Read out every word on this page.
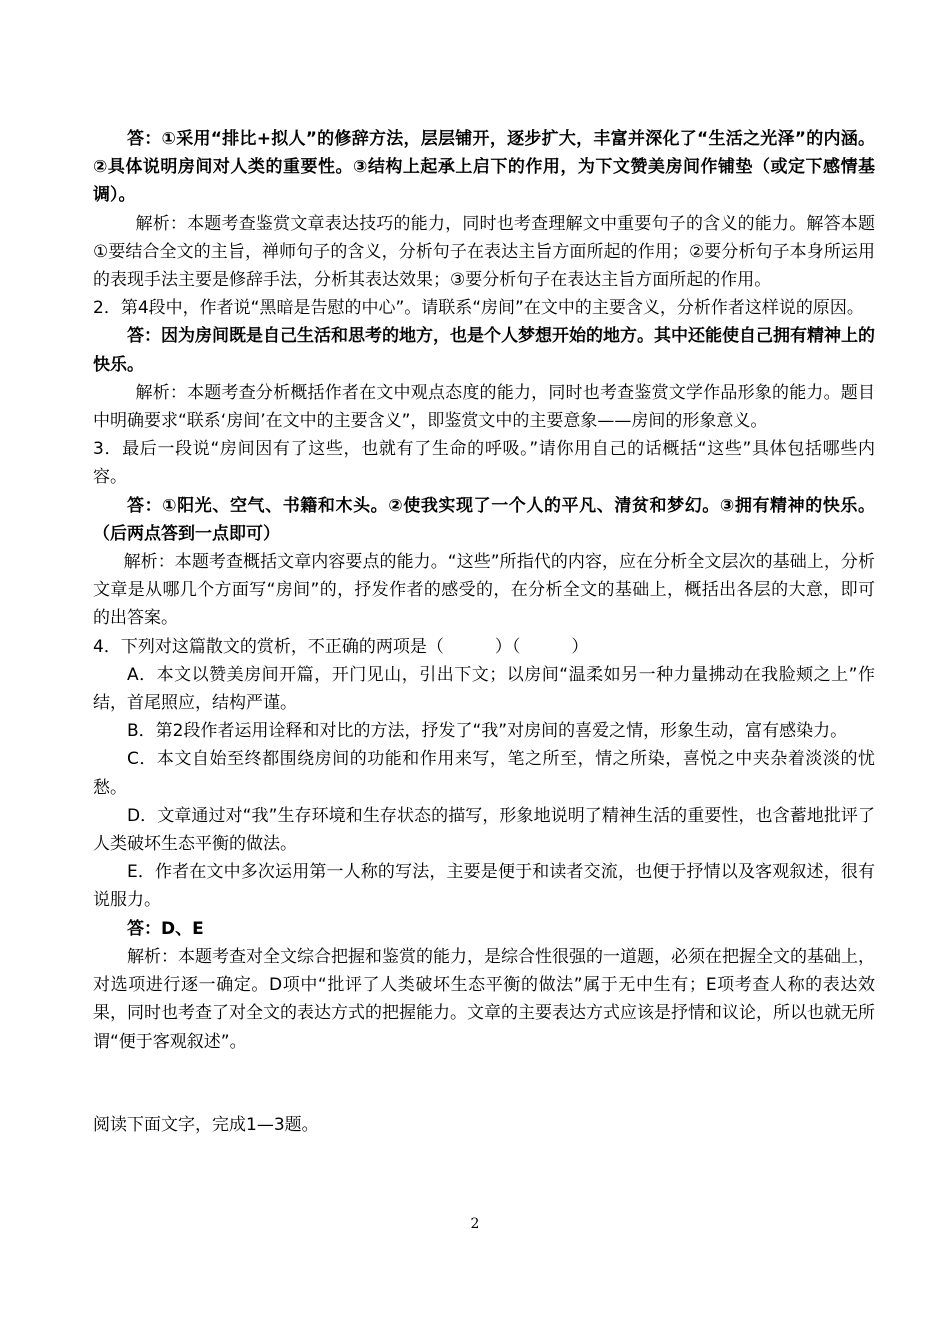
答：①采用“排比+拟人”的修辞方法，层层铺开，逐步扩大，丰富并深化了“生活之光泽”的内涵。②具体说明房间对人类的重要性。③结构上起承上启下的作用，为下文赞美房间作铺垫（或定下感情基调）。

解析：本题考查鉴赏文章表达技巧的能力，同时也考查理解文中重要句子的含义的能力。解答本题①要结合全文的主旨，禅师句子的含义，分析句子在表达主旨方面所起的作用；②要分析句子本身所运用的表现手法主要是修辞手法，分析其表达效果；③要分析句子在表达主旨方面所起的作用。

2．第4段中，作者说“黑暗是告慰的中心”。请联系“房间”在文中的主要含义，分析作者这样说的原因。

答：因为房间既是自己生活和思考的地方，也是个人梦想开始的地方。其中还能使自己拥有精神上的快乐。

解析：本题考查分析概括作者在文中观点态度的能力，同时也考查鉴赏文学作品形象的能力。题目中明确要求“联系‘房间’在文中的主要含义”，即鉴赏文中的主要意象——房间的形象意义。

3．最后一段说“房间因有了这些，也就有了生命的呼吸。”请你用自己的话概括“这些”具体包括哪些内容。

答：①阳光、空气、书籍和木头。②使我实现了一个人的平凡、清贫和梦幻。③拥有精神的快乐。（后两点答到一点即可）

解析：本题考查概括文章内容要点的能力。“这些”所指代的内容，应在分析全文层次的基础上，分析文章是从哪几个方面写“房间”的，抒发作者的感受的，在分析全文的基础上，概括出各层的大意，即可的出答案。

4．下列对这篇散文的赏析，不正确的两项是（　　　）（　　　）

A．本文以赞美房间开篇，开门见山，引出下文；以房间“温柔如另一种力量拂动在我脸颊之上”作结，首尾照应，结构严谨。

B．第2段作者运用诠释和对比的方法，抒发了“我”对房间的喜爱之情，形象生动，富有感染力。

C．本文自始至终都围绕房间的功能和作用来写，笔之所至，情之所染，喜悦之中夹杂着淡淡的忧愁。

D．文章通过对“我”生存环境和生存状态的描写，形象地说明了精神生活的重要性，也含蓄地批评了人类破坏生态平衡的做法。

E．作者在文中多次运用第一人称的写法，主要是便于和读者交流，也便于抒情以及客观叙述，很有说服力。

答：D、E

解析：本题考查对全文综合把握和鉴赏的能力，是综合性很强的一道题，必须在把握全文的基础上，对选项进行逐一确定。D项中“批评了人类破坏生态平衡的做法”属于无中生有；E项考查人称的表达效果，同时也考查了对全文的表达方式的把握能力。文章的主要表达方式应该是抒情和议论，所以也就无所谓“便于客观叙述”。

阅读下面文字，完成1—3题。

2
